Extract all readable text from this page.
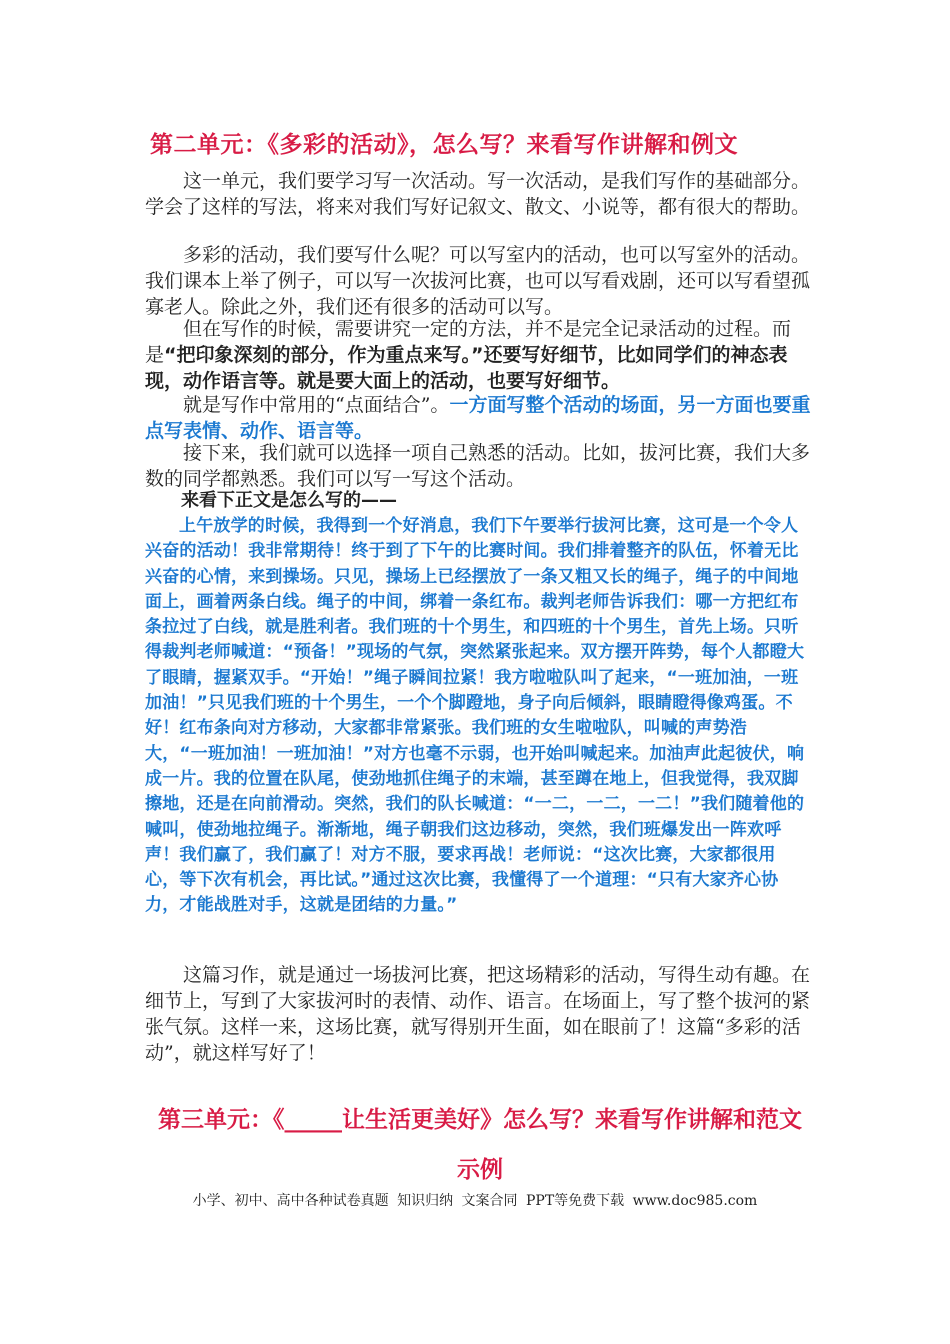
第二单元：《多彩的活动》，怎么写？来看写作讲解和例文

这一单元，我们要学习写一次活动。写一次活动，是我们写作的基础部分。学会了这样的写法，将来对我们写好记叙文、散文、小说等，都有很大的帮助。

多彩的活动，我们要写什么呢？可以写室内的活动，也可以写室外的活动。我们课本上举了例子，可以写一次拔河比赛，也可以写看戏剧，还可以写看望孤寡老人。除此之外，我们还有很多的活动可以写。

但在写作的时候，需要讲究一定的方法，并不是完全记录活动的过程。而是“把印象深刻的部分，作为重点来写。”还要写好细节，比如同学们的神态表现，动作语言等。就是要大面上的活动，也要写好细节。

就是写作中常用的“点面结合”。一方面写整个活动的场面，另一方面也要重点写表情、动作、语言等。

接下来，我们就可以选择一项自己熟悉的活动。比如，拔河比赛，我们大多数的同学都熟悉。我们可以写一写这个活动。

来看下正文是怎么写的——

上午放学的时候，我得到一个好消息，我们下午要举行拔河比赛，这可是一个令人兴奋的活动！我非常期待！终于到了下午的比赛时间。我们排着整齐的队伍，怀着无比兴奋的心情，来到操场。只见，操场上已经摆放了一条又粗又长的绳子，绳子的中间地面上，画着两条白线。绳子的中间，绑着一条红布。裁判老师告诉我们：哪一方把红布条拉过了白线，就是胜利者。我们班的十个男生，和四班的十个男生，首先上场。只听得裁判老师喊道：“预备！”现场的气氛，突然紧张起来。双方摆开阵势，每个人都瞪大了眼睛，握紧双手。“开始！”绳子瞬间拉紧！我方啦啦队叫了起来，“一班加油，一班加油！”只见我们班的十个男生，一个个脚蹬地，身子向后倾斜，眼睛瞪得像鸡蛋。不好！红布条向对方移动，大家都非常紧张。我们班的女生啦啦队，叫喊的声势浩大，“一班加油！一班加油！”对方也毫不示弱，也开始叫喊起来。加油声此起彼伏，响成一片。我的位置在队尾，使劲地抓住绳子的末端，甚至蹲在地上，但我觉得，我双脚擦地，还是在向前滑动。突然，我们的队长喊道：“一二，一二，一二！”我们随着他的喊叫，使劲地拉绳子。渐渐地，绳子朝我们这边移动，突然，我们班爆发出一阵欢呼声！我们赢了，我们赢了！对方不服，要求再战！老师说：“这次比赛，大家都很用心，等下次有机会，再比试。”通过这次比赛，我懂得了一个道理：“只有大家齐心协力，才能战胜对手，这就是团结的力量。”

这篇习作，就是通过一场拔河比赛，把这场精彩的活动，写得生动有趣。在细节上，写到了大家拔河时的表情、动作、语言。在场面上，写了整个拔河的紧张气氛。这样一来，这场比赛，就写得别开生面，如在眼前了！这篇“多彩的活动”，就这样写好了！

第三单元：《_____让生活更美好》怎么写？来看写作讲解和范文示例
小学、初中、高中各种试卷真题 知识归纳 文案合同 PPT等免费下载 www.doc985.com
